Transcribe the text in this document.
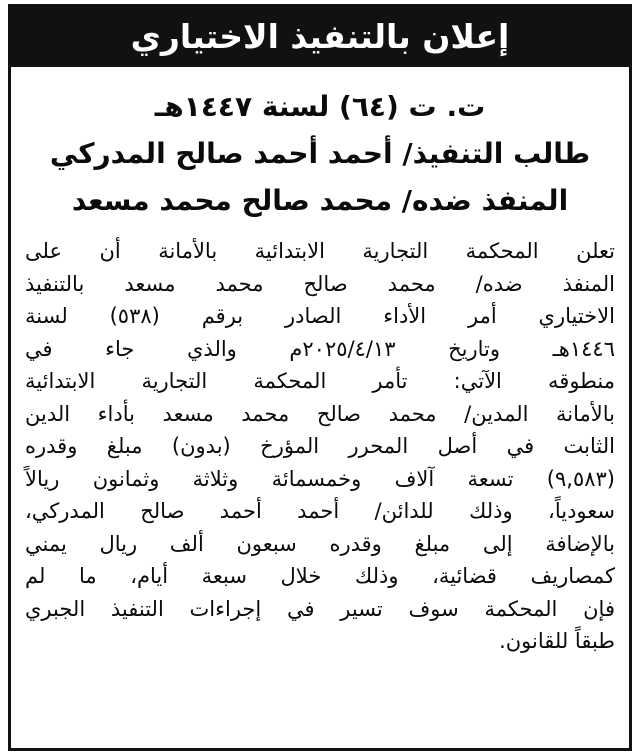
إعلان بالتنفيذ الاختياري

ت. ت (٦٤) لسنة ١٤٤٧هـ

طالب التنفيذ/ أحمد أحمد صالح المدركي

المنفذ ضده/ محمد صالح محمد مسعد

تعلن المحكمة التجارية الابتدائية بالأمانة أن على
المنفذ ضده/ محمد صالح محمد مسعد بالتنفيذ
الاختياري أمر الأداء الصادر برقم (٥٣٨) لسنة
١٤٤٦هـ وتاريخ ٢٠٢٥/٤/١٣م والذي جاء في
منطوقه الآتي: تأمر المحكمة التجارية الابتدائية
بالأمانة المدين/ محمد صالح محمد مسعد بأداء الدين
الثابت في أصل المحرر المؤرخ (بدون) مبلغ وقدره
(٩,٥٨٣) تسعة آلاف وخمسمائة وثلاثة وثمانون ريالاً
سعودياً، وذلك للدائن/ أحمد أحمد صالح المدركي،
بالإضافة إلى مبلغ وقدره سبعون ألف ريال يمني
كمصاريف قضائية، وذلك خلال سبعة أيام، ما لم
فإن المحكمة سوف تسير في إجراءات التنفيذ الجبري
طبقاً للقانون.
